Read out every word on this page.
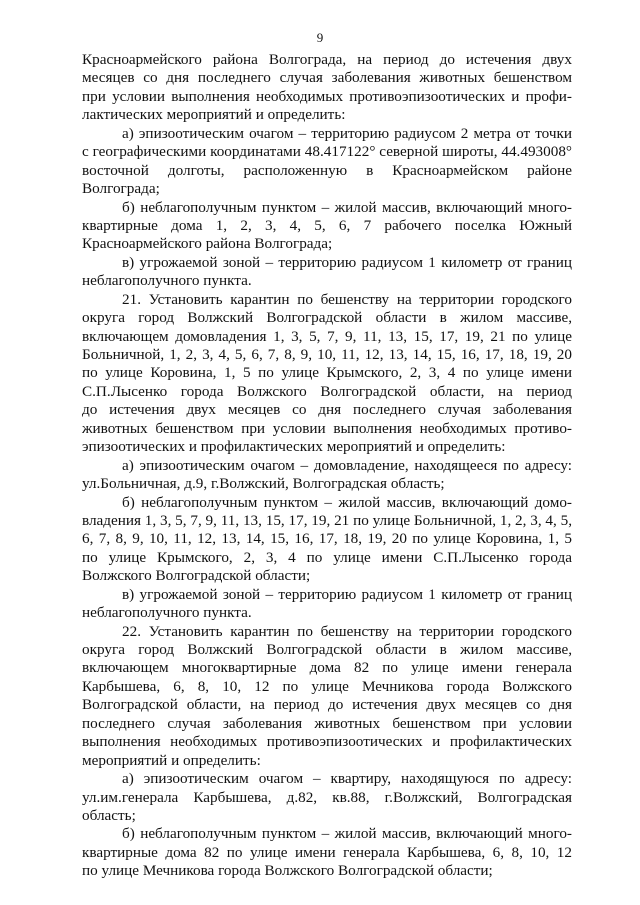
9
Красноармейского района Волгограда, на период до истечения двух
месяцев со дня последнего случая заболевания животных бешенством
при условии выполнения необходимых противоэпизоотических и профи-
лактических мероприятий и определить:
а) эпизоотическим очагом – территорию радиусом 2 метра от точки
с географическими координатами 48.417122° северной широты, 44.493008°
восточной долготы, расположенную в Красноармейском районе
Волгограда;
б) неблагополучным пунктом – жилой массив, включающий много-
квартирные дома 1, 2, 3, 4, 5, 6, 7 рабочего поселка Южный
Красноармейского района Волгограда;
в) угрожаемой зоной – территорию радиусом 1 километр от границ
неблагополучного пункта.
21. Установить карантин по бешенству на территории городского
округа город Волжский Волгоградской области в жилом массиве,
включающем домовладения 1, 3, 5, 7, 9, 11, 13, 15, 17, 19, 21 по улице
Больничной, 1, 2, 3, 4, 5, 6, 7, 8, 9, 10, 11, 12, 13, 14, 15, 16, 17, 18, 19, 20
по улице Коровина, 1, 5 по улице Крымского, 2, 3, 4 по улице имени
С.П.Лысенко города Волжского Волгоградской области, на период
до истечения двух месяцев со дня последнего случая заболевания
животных бешенством при условии выполнения необходимых противо-
эпизоотических и профилактических мероприятий и определить:
а) эпизоотическим очагом – домовладение, находящееся по адресу:
ул.Больничная, д.9, г.Волжский, Волгоградская область;
б) неблагополучным пунктом – жилой массив, включающий домо-
владения 1, 3, 5, 7, 9, 11, 13, 15, 17, 19, 21 по улице Больничной, 1, 2, 3, 4, 5,
6, 7, 8, 9, 10, 11, 12, 13, 14, 15, 16, 17, 18, 19, 20 по улице Коровина, 1, 5
по улице Крымского, 2, 3, 4 по улице имени С.П.Лысенко города
Волжского Волгоградской области;
в) угрожаемой зоной – территорию радиусом 1 километр от границ
неблагополучного пункта.
22. Установить карантин по бешенству на территории городского
округа город Волжский Волгоградской области в жилом массиве,
включающем многоквартирные дома 82 по улице имени генерала
Карбышева, 6, 8, 10, 12 по улице Мечникова города Волжского
Волгоградской области, на период до истечения двух месяцев со дня
последнего случая заболевания животных бешенством при условии
выполнения необходимых противоэпизоотических и профилактических
мероприятий и определить:
а) эпизоотическим очагом – квартиру, находящуюся по адресу:
ул.им.генерала Карбышева, д.82, кв.88, г.Волжский, Волгоградская
область;
б) неблагополучным пунктом – жилой массив, включающий много-
квартирные дома 82 по улице имени генерала Карбышева, 6, 8, 10, 12
по улице Мечникова города Волжского Волгоградской области;
